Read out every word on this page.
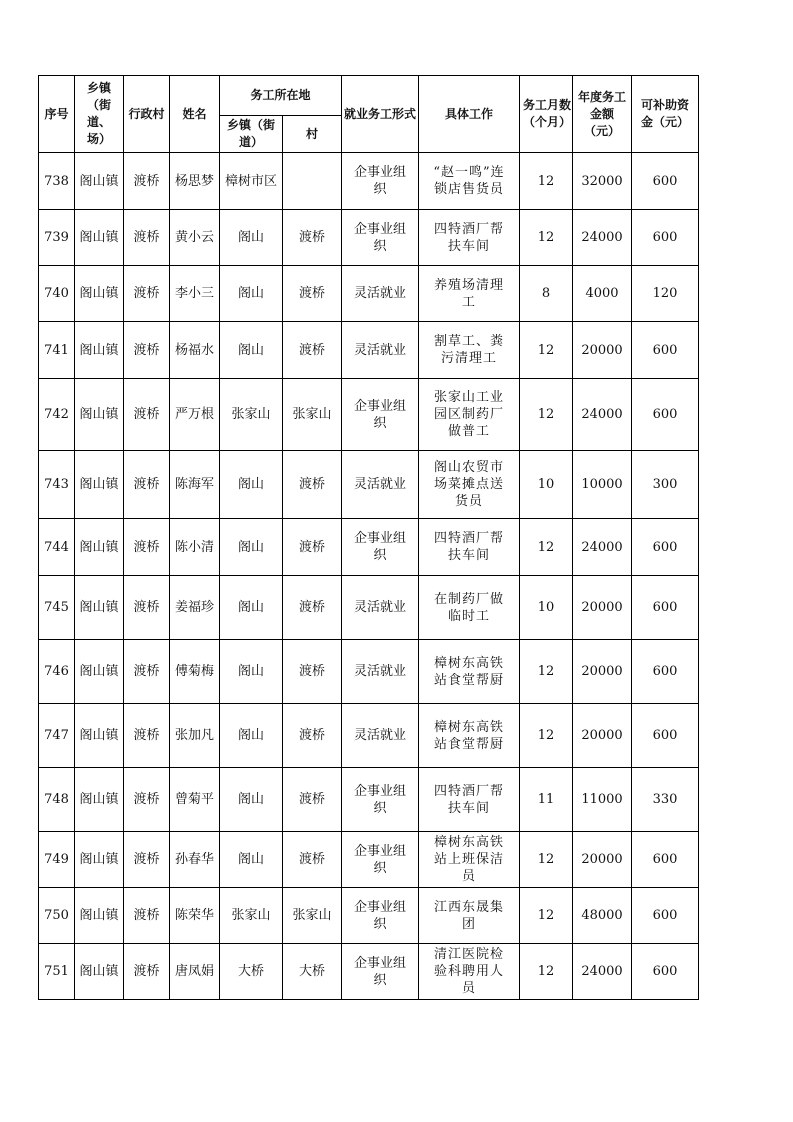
序号	乡镇（街道、场）	行政村	姓名	务工所在地		就业务工形式	具体工作	务工月数（个月）	年度务工金额（元）	可补助资金（元）
				乡镇（街道）	村					
738	阁山镇	渡桥	杨思梦	樟树市区		企事业组织	“赵一鸣”连锁店售货员	12	32000	600
739	阁山镇	渡桥	黄小云	阁山	渡桥	企事业组织	四特酒厂帮扶车间	12	24000	600
740	阁山镇	渡桥	李小三	阁山	渡桥	灵活就业	养殖场清理工	8	4000	120
741	阁山镇	渡桥	杨福水	阁山	渡桥	灵活就业	割草工、粪污清理工	12	20000	600
742	阁山镇	渡桥	严万根	张家山	张家山	企事业组织	张家山工业园区制药厂做普工	12	24000	600
743	阁山镇	渡桥	陈海军	阁山	渡桥	灵活就业	阁山农贸市场菜摊点送货员	10	10000	300
744	阁山镇	渡桥	陈小清	阁山	渡桥	企事业组织	四特酒厂帮扶车间	12	24000	600
745	阁山镇	渡桥	姜福珍	阁山	渡桥	灵活就业	在制药厂做临时工	10	20000	600
746	阁山镇	渡桥	傅菊梅	阁山	渡桥	灵活就业	樟树东高铁站食堂帮厨	12	20000	600
747	阁山镇	渡桥	张加凡	阁山	渡桥	灵活就业	樟树东高铁站食堂帮厨	12	20000	600
748	阁山镇	渡桥	曾菊平	阁山	渡桥	企事业组织	四特酒厂帮扶车间	11	11000	330
749	阁山镇	渡桥	孙春华	阁山	渡桥	企事业组织	樟树东高铁站上班保洁员	12	20000	600
750	阁山镇	渡桥	陈荣华	张家山	张家山	企事业组织	江西东晟集团	12	48000	600
751	阁山镇	渡桥	唐凤娟	大桥	大桥	企事业组织	清江医院检验科聘用人员	12	24000	600
